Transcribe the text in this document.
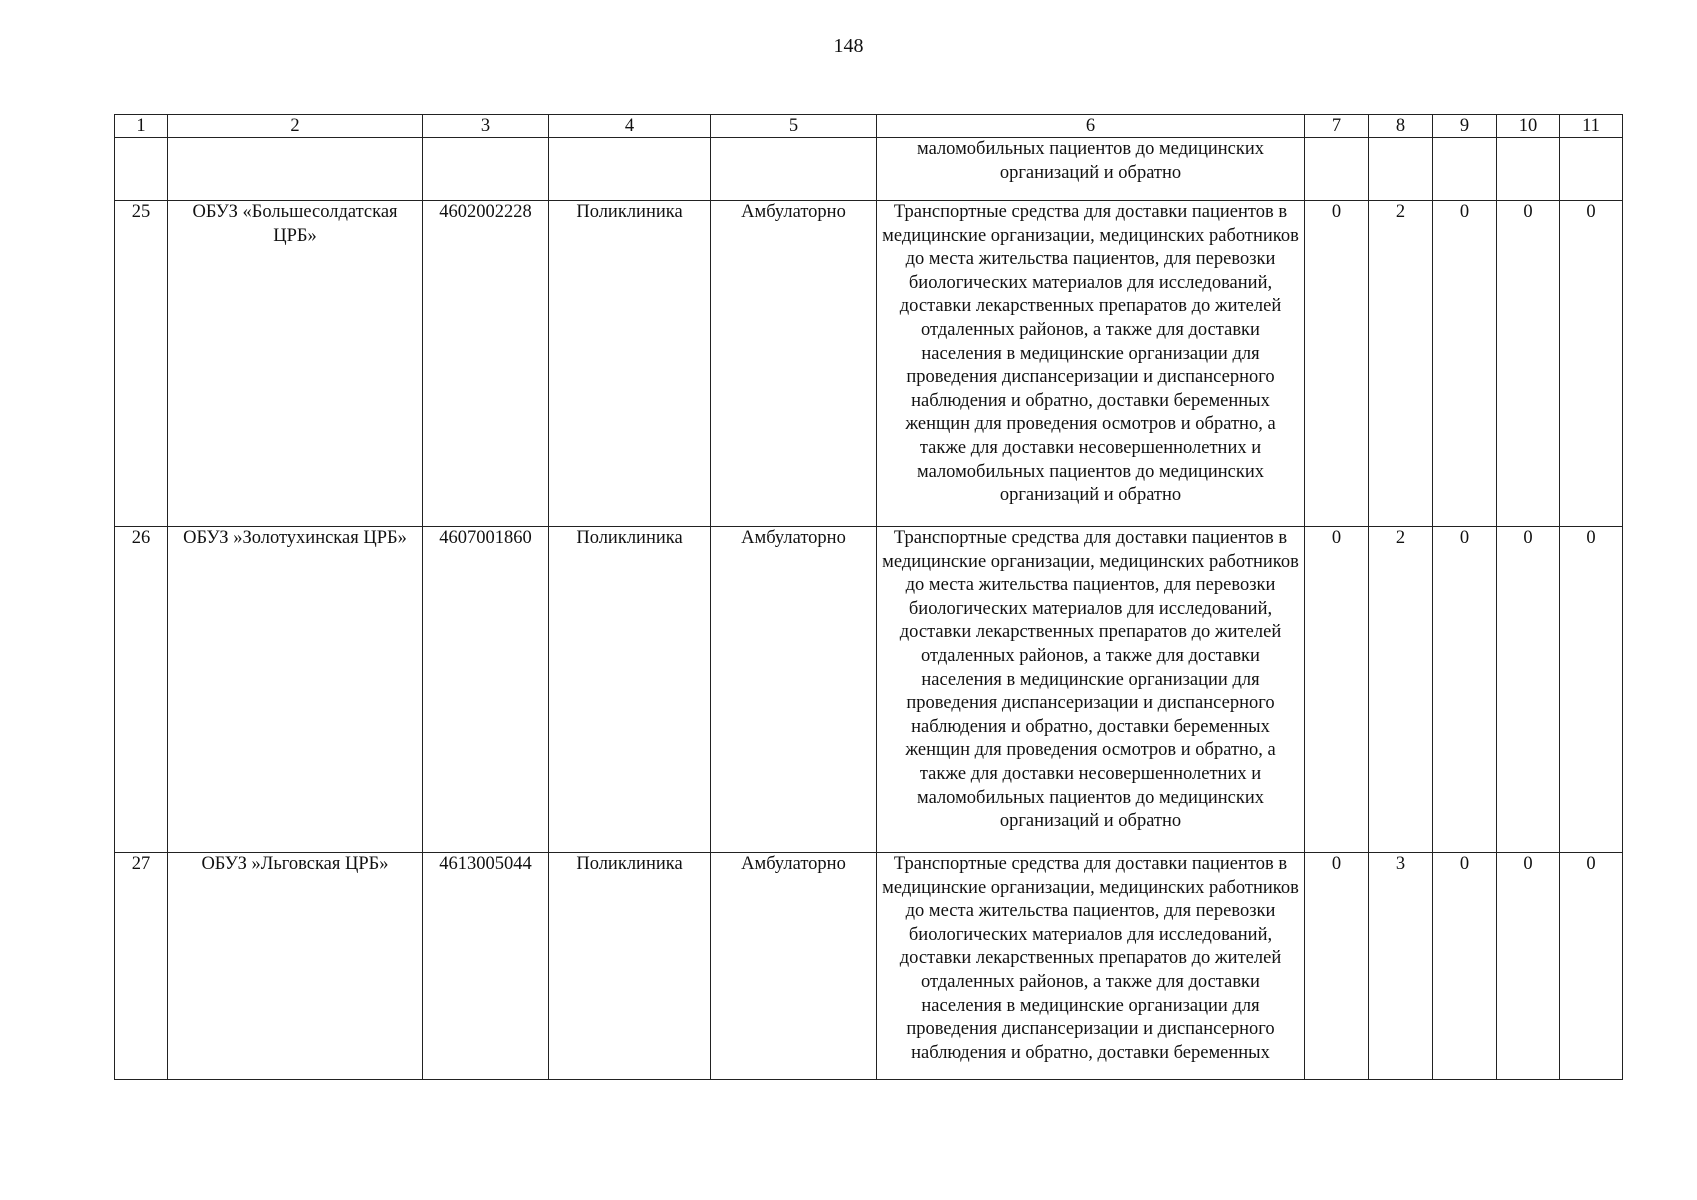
148
1	2	3	4	5	6	7	8	9	10	11
					маломобильных пациентов до медицинских организаций и обратно					
25	ОБУЗ «Большесолдатская ЦРБ»	4602002228	Поликлиника	Амбулаторно	Транспортные средства для доставки пациентов в медицинские организации, медицинских работников до места жительства пациентов, для перевозки биологических материалов для исследований, доставки лекарственных препаратов до жителей отдаленных районов, а также для доставки населения в медицинские организации для проведения диспансеризации и диспансерного наблюдения и обратно, доставки беременных женщин для проведения осмотров и обратно, а также для доставки несовершеннолетних и маломобильных пациентов до медицинских организаций и обратно	0	2	0	0	0
26	ОБУЗ »Золотухинская ЦРБ»	4607001860	Поликлиника	Амбулаторно	Транспортные средства для доставки пациентов в медицинские организации, медицинских работников до места жительства пациентов, для перевозки биологических материалов для исследований, доставки лекарственных препаратов до жителей отдаленных районов, а также для доставки населения в медицинские организации для проведения диспансеризации и диспансерного наблюдения и обратно, доставки беременных женщин для проведения осмотров и обратно, а также для доставки несовершеннолетних и маломобильных пациентов до медицинских организаций и обратно	0	2	0	0	0
27	ОБУЗ »Льговская ЦРБ»	4613005044	Поликлиника	Амбулаторно	Транспортные средства для доставки пациентов в медицинские организации, медицинских работников до места жительства пациентов, для перевозки биологических материалов для исследований, доставки лекарственных препаратов до жителей отдаленных районов, а также для доставки населения в медицинские организации для проведения диспансеризации и диспансерного наблюдения и обратно, доставки беременных	0	3	0	0	0
